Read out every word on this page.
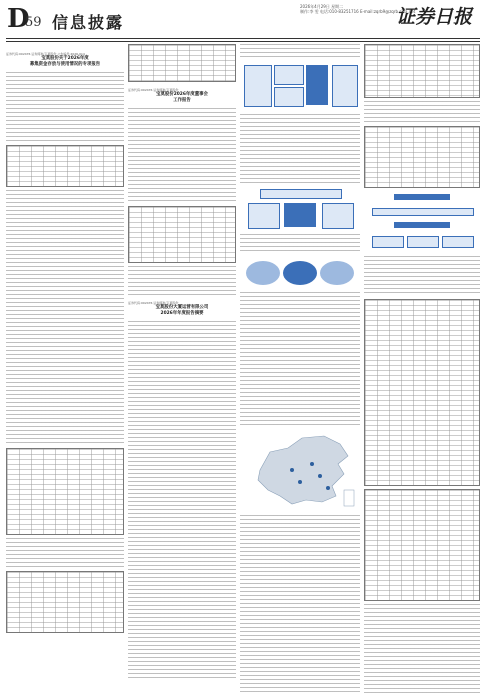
D
59 信息披露
2026年4月29日 星期二
制作:李 雯 电话:010-83251716 E-mail:zqrb9@zqrb.sina.net
证券日报
证券代码:002476 证券简称:宝莫股份 公告编号:2026-014
宝莫股份关于2026年度
募集资金存放与使用情况的专项报告
证券代码:002476 证券简称:宝莫股份
宝莫股份2026年度董事会
工作报告
证券代码:002476 证券简称:宝莫股份
宝莫股份大厦运营有限公司
2026年年度报告摘要
